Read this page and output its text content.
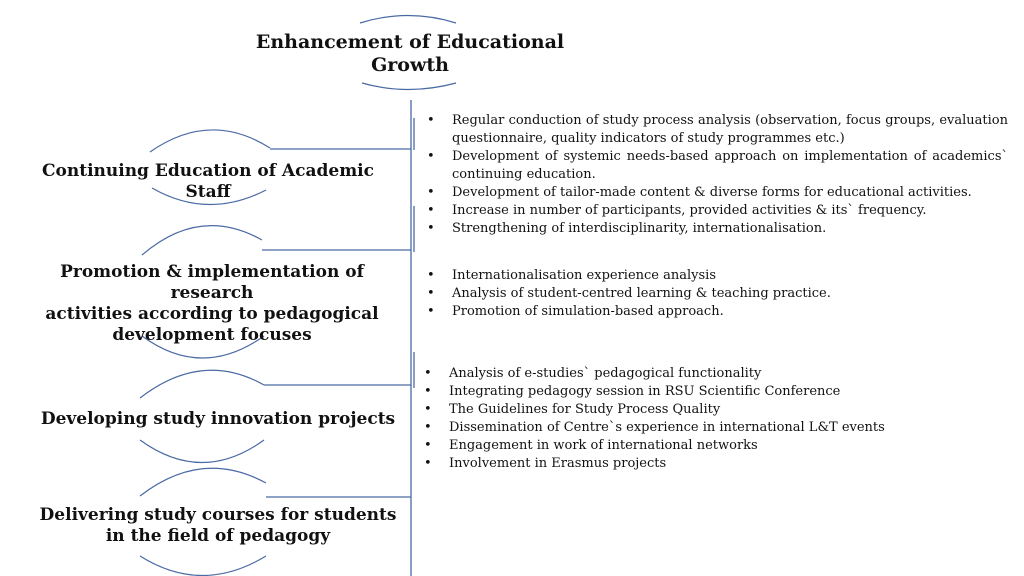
Enhancement of Educational
Growth
Continuing Education of Academic Staff
Promotion & implementation of research
activities according to pedagogical
development focuses
Developing study innovation projects
Delivering study courses for students
in the field of pedagogy
• Regular conduction of study process analysis (observation, focus groups, evaluation questionnaire, quality indicators of study programmes etc.)
• Development of systemic needs-based approach on implementation of academics` continuing education.
• Development of tailor-made content & diverse forms for educational activities.
• Increase in number of participants, provided activities & its` frequency.
• Strengthening of interdisciplinarity, internationalisation.
• Internationalisation experience analysis
• Analysis of student-centred learning & teaching practice.
• Promotion of simulation-based approach.
• Analysis of e-studies` pedagogical functionality
• Integrating pedagogy session in RSU Scientific Conference
• The Guidelines for Study Process Quality
• Dissemination of Centre`s experience in international L&T events
• Engagement in work of international networks
• Involvement in Erasmus projects
